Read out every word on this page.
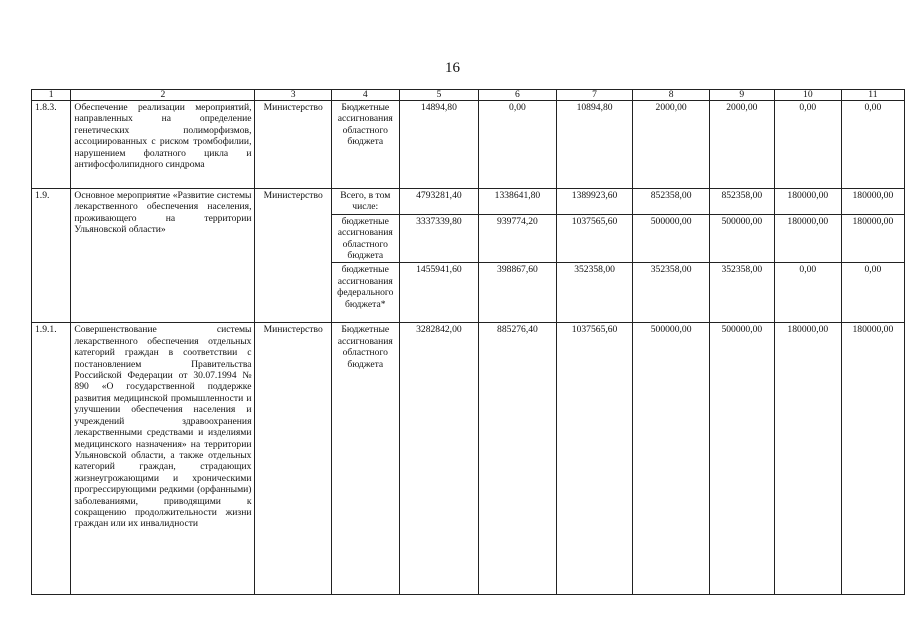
16
1	2	3	4	5	6	7	8	9	10	11
1.8.3.	Обеспечение реализации мероприятий, направленных на определение генетических полиморфизмов, ассоциированных с риском тромбофилии, нарушением фолатного цикла и антифосфолипидного синдрома	Министерство	Бюджетные ассигнования областного бюджета	14894,80	0,00	10894,80	2000,00	2000,00	0,00	0,00
1.9.	Основное мероприятие «Развитие системы лекарственного обеспечения населения, проживающего на территории Ульяновской области»	Министерство	Всего, в том числе:	4793281,40	1338641,80	1389923,60	852358,00	852358,00	180000,00	180000,00
			бюджетные ассигнования областного бюджета	3337339,80	939774,20	1037565,60	500000,00	500000,00	180000,00	180000,00
			бюджетные ассигнования федерального бюджета*	1455941,60	398867,60	352358,00	352358,00	352358,00	0,00	0,00
1.9.1.	Совершенствование системы лекарственного обеспечения отдельных категорий граждан в соответствии с постановлением Правительства Российской Федерации от 30.07.1994 № 890 «О государственной поддержке развития медицинской промышленности и улучшении обеспечения населения и учреждений здравоохранения лекарственными средствами и изделиями медицинского назначения» на территории Ульяновской области, а также отдельных категорий граждан, страдающих жизнеугрожающими и хроническими прогрессирующими редкими (орфанными) заболеваниями, приводящими к сокращению продолжительности жизни граждан или их инвалидности	Министерство	Бюджетные ассигнования областного бюджета	3282842,00	885276,40	1037565,60	500000,00	500000,00	180000,00	180000,00
